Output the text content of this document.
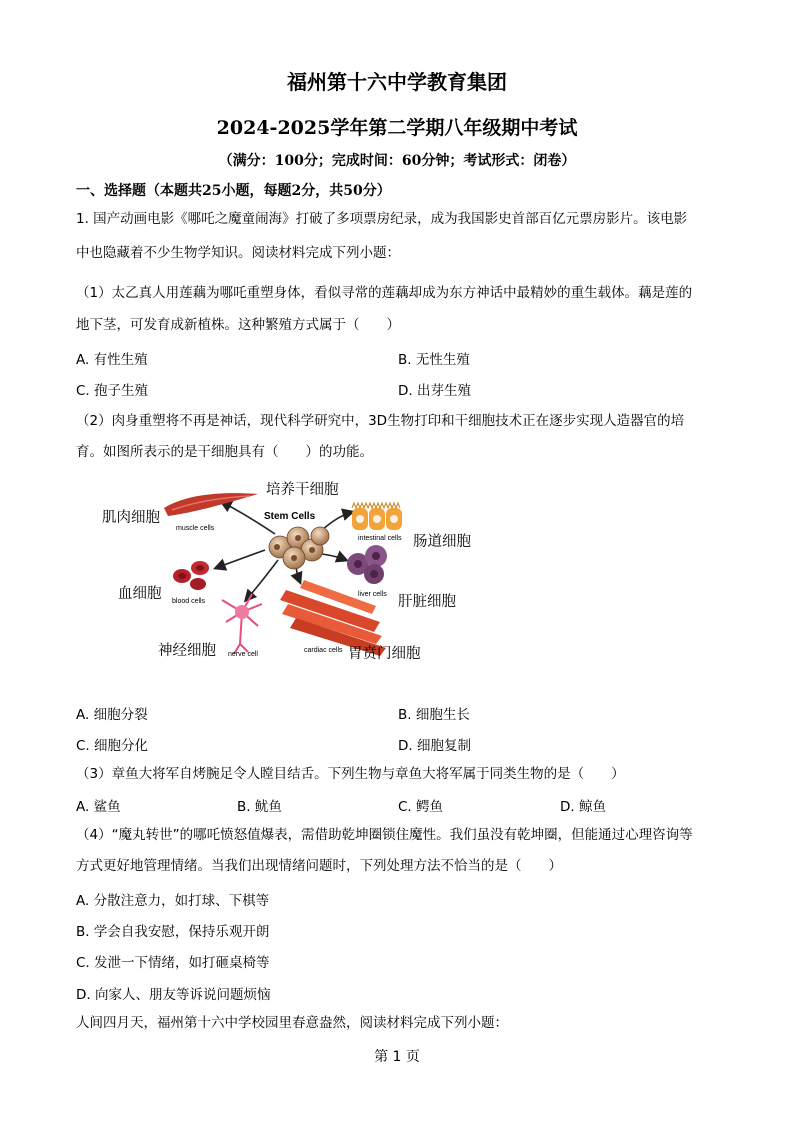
福州第十六中学教育集团
2024-2025学年第二学期八年级期中考试
（满分：100分；完成时间：60分钟；考试形式：闭卷）
一、选择题（本题共25小题，每题2分，共50分）
1. 国产动画电影《哪吒之魔童闹海》打破了多项票房纪录，成为我国影史首部百亿元票房影片。该电影
中也隐藏着不少生物学知识。阅读材料完成下列小题：
（1）太乙真人用莲藕为哪吒重塑身体，看似寻常的莲藕却成为东方神话中最精妙的重生载体。藕是莲的
地下茎，可发育成新植株。这种繁殖方式属于（　　）
A. 有性生殖	B. 无性生殖
C. 孢子生殖	D. 出芽生殖
（2）肉身重塑将不再是神话，现代科学研究中，3D生物打印和干细胞技术正在逐步实现人造器官的培
育。如图所表示的是干细胞具有（　　）的功能。
muscle cells
Stem Cells
intestinal cells
blood cells
liver cells
nerve cell
cardiac cells
培养干细胞
肌肉细胞
肠道细胞
血细胞	肝脏细胞
神经细胞	胃贲门细胞
A. 细胞分裂	B. 细胞生长
C. 细胞分化	D. 细胞复制
（3）章鱼大将军自烤腕足令人瞠目结舌。下列生物与章鱼大将军属于同类生物的是（　　）
A. 鲨鱼	B. 鱿鱼	C. 鳄鱼	D. 鲸鱼
（4）“魔丸转世”的哪吒愤怒值爆表，需借助乾坤圈锁住魔性。我们虽没有乾坤圈，但能通过心理咨询等
方式更好地管理情绪。当我们出现情绪问题时，下列处理方法不恰当的是（　　）
A. 分散注意力，如打球、下棋等
B. 学会自我安慰，保持乐观开朗
C. 发泄一下情绪，如打砸桌椅等
D. 向家人、朋友等诉说问题烦恼
人间四月天，福州第十六中学校园里春意盎然，阅读材料完成下列小题：
第 1 页
